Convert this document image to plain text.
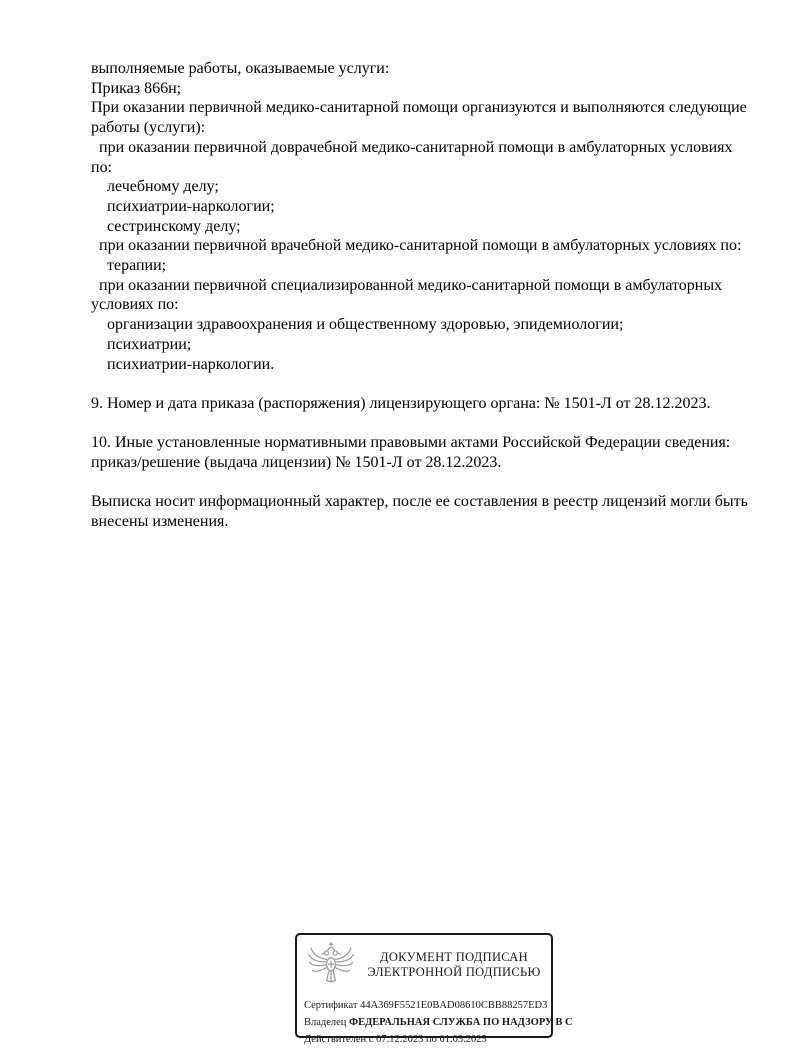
выполняемые работы, оказываемые услуги:
Приказ 866н;
При оказании первичной медико-санитарной помощи организуются и выполняются следующие
работы (услуги):
при оказании первичной доврачебной медико-санитарной помощи в амбулаторных условиях
по:
лечебному делу;
психиатрии-наркологии;
сестринскому делу;
при оказании первичной врачебной медико-санитарной помощи в амбулаторных условиях по:
терапии;
при оказании первичной специализированной медико-санитарной помощи в амбулаторных
условиях по:
организации здравоохранения и общественному здоровью, эпидемиологии;
психиатрии;
психиатрии-наркологии.
9. Номер и дата приказа (распоряжения) лицензирующего органа: № 1501-Л от 28.12.2023.
10. Иные установленные нормативными правовыми актами Российской Федерации сведения:
приказ/решение (выдача лицензии) № 1501-Л от 28.12.2023.
Выписка носит информационный характер, после ее составления в реестр лицензий могли быть
внесены изменения.
ДОКУМЕНТ ПОДПИСАН
ЭЛЕКТРОННОЙ ПОДПИСЬЮ
Сертификат 44A369F5521E0BAD08610CBB88257ED3
Владелец ФЕДЕРАЛЬНАЯ СЛУЖБА ПО НАДЗОРУ В С
Действителен с 07.12.2023 по 01.03.2025
